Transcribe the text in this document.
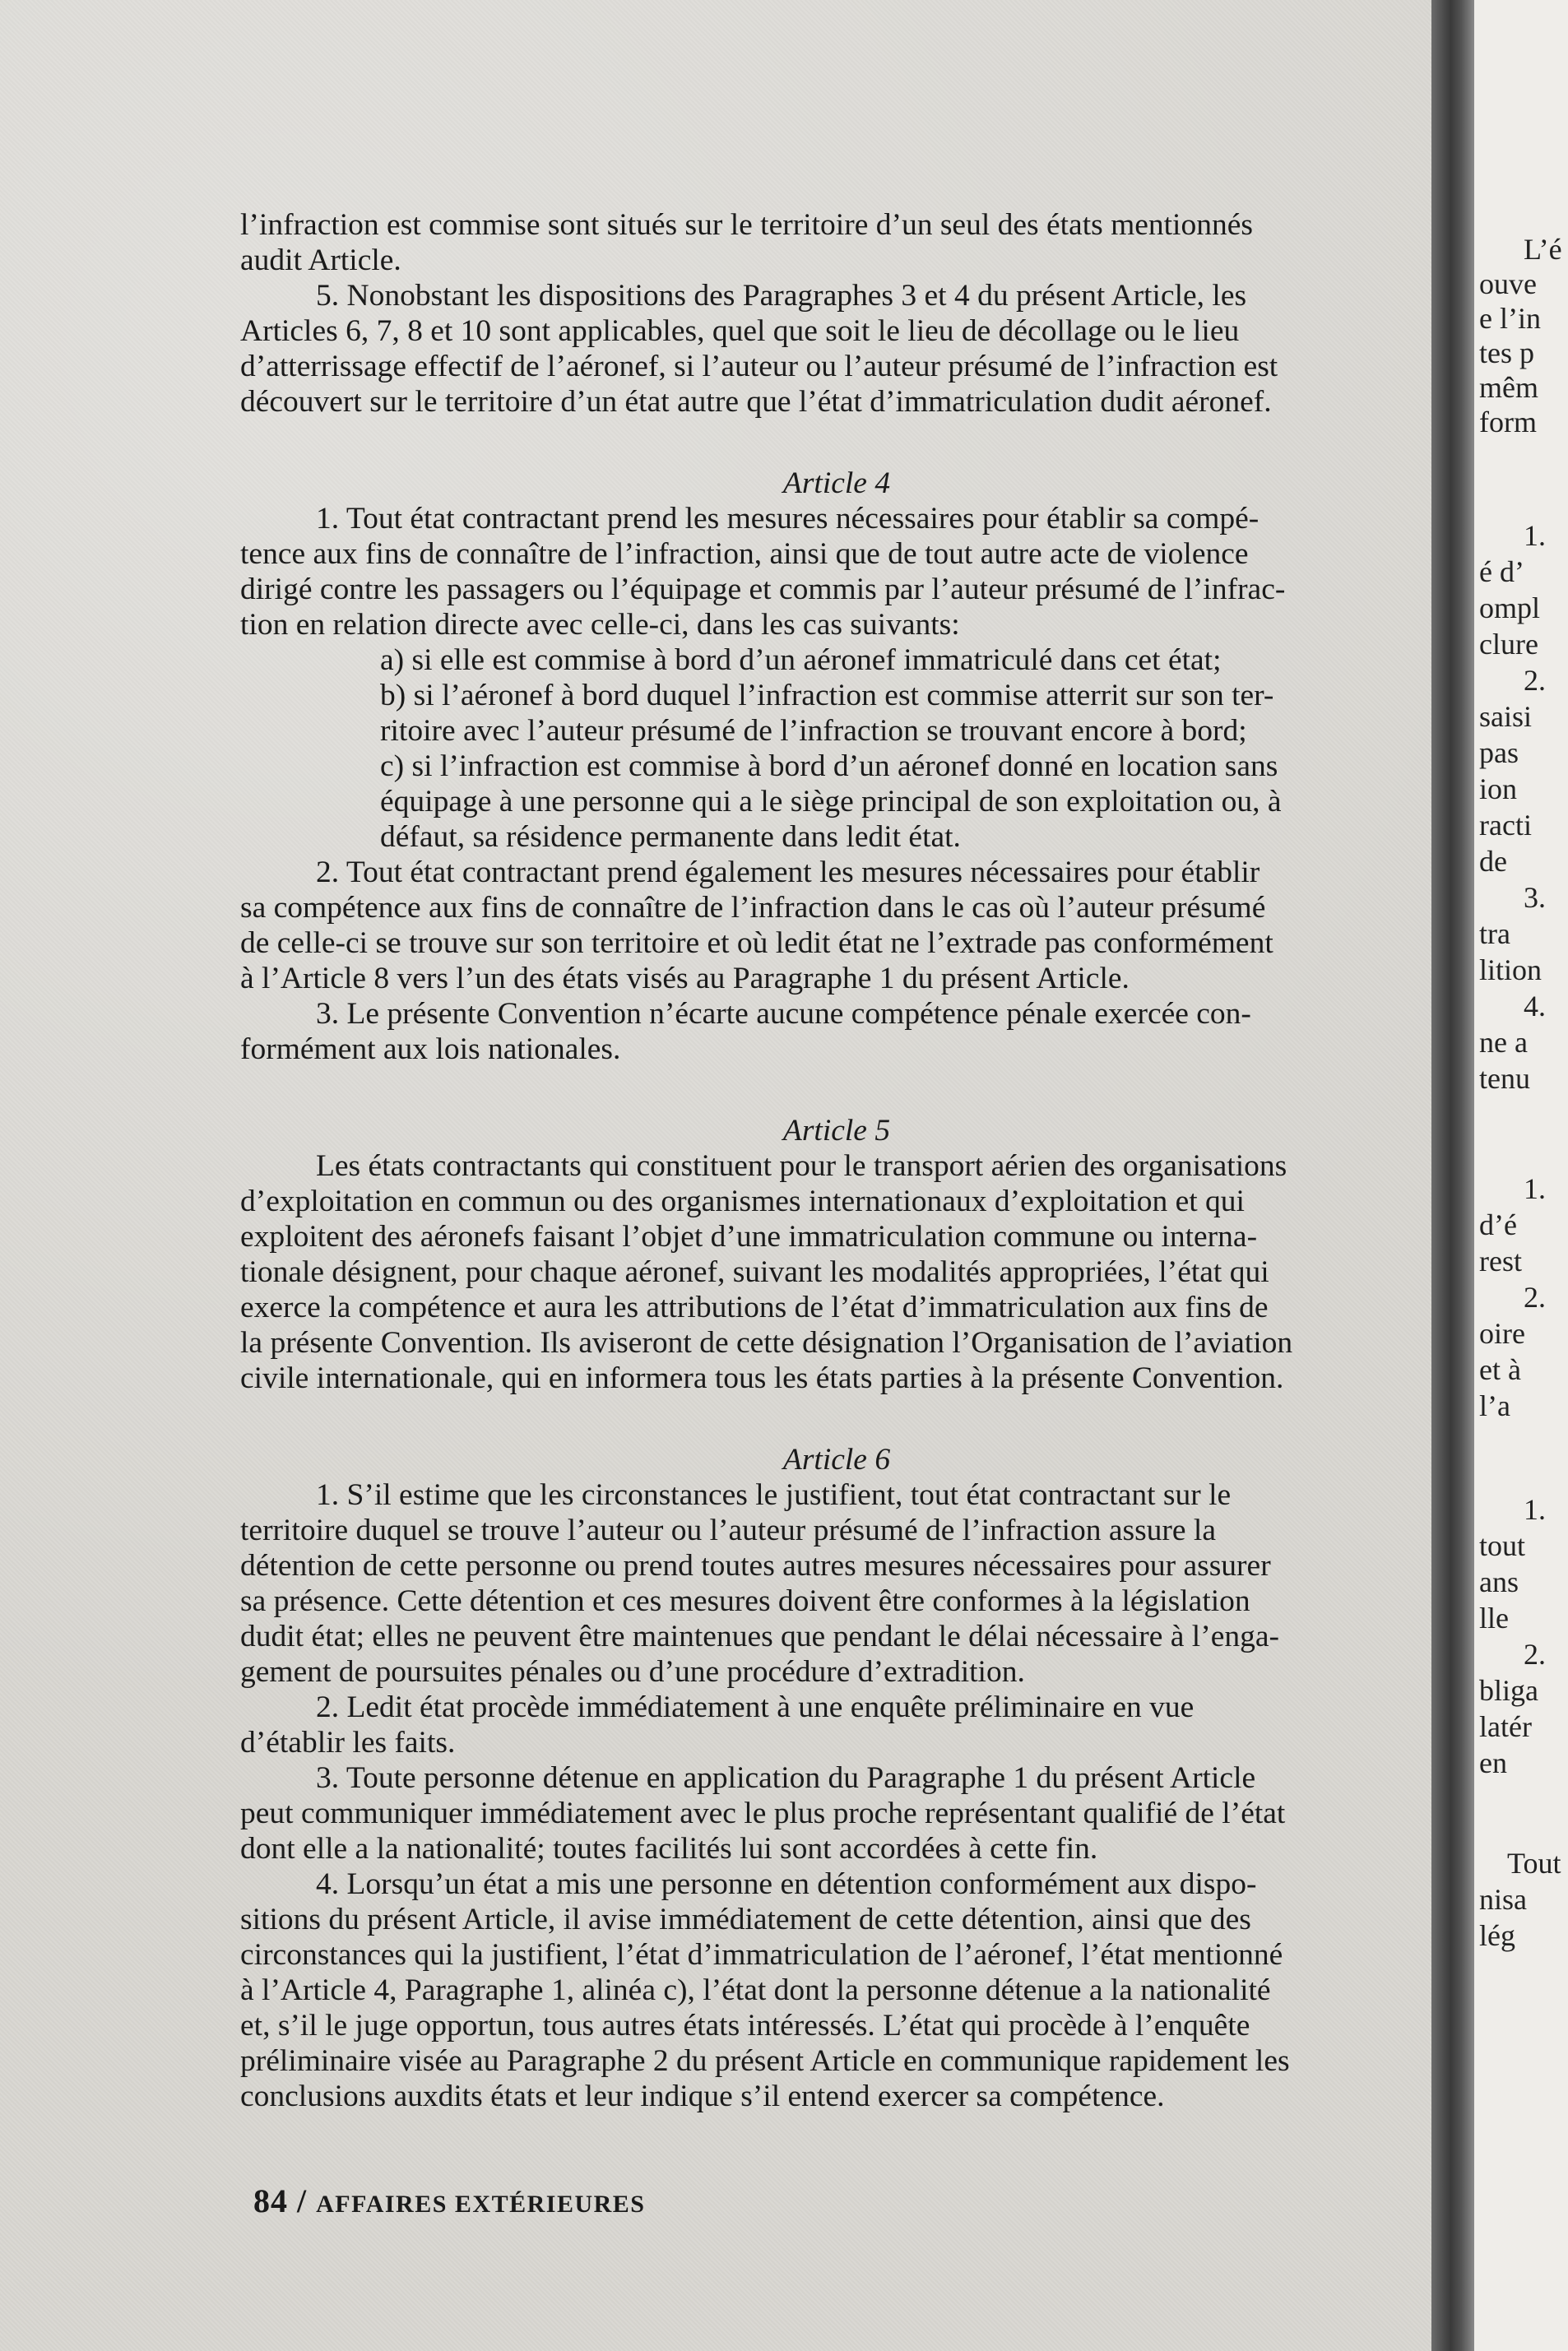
l’infraction est commise sont situés sur le territoire d’un seul des états mentionnés

audit Article.

5. Nonobstant les dispositions des Paragraphes 3 et 4 du présent Article, les

Articles 6, 7, 8 et 10 sont applicables, quel que soit le lieu de décollage ou le lieu

d’atterrissage effectif de l’aéronef, si l’auteur ou l’auteur présumé de l’infraction est

découvert sur le territoire d’un état autre que l’état d’immatriculation dudit aéronef.

Article 4

1. Tout état contractant prend les mesures nécessaires pour établir sa compé-

tence aux fins de connaître de l’infraction, ainsi que de tout autre acte de violence

dirigé contre les passagers ou l’équipage et commis par l’auteur présumé de l’infrac-

tion en relation directe avec celle-ci, dans les cas suivants:

a) si elle est commise à bord d’un aéronef immatriculé dans cet état;

b) si l’aéronef à bord duquel l’infraction est commise atterrit sur son ter-

ritoire avec l’auteur présumé de l’infraction se trouvant encore à bord;

c) si l’infraction est commise à bord d’un aéronef donné en location sans

équipage à une personne qui a le siège principal de son exploitation ou, à

défaut, sa résidence permanente dans ledit état.

2. Tout état contractant prend également les mesures nécessaires pour établir

sa compétence aux fins de connaître de l’infraction dans le cas où l’auteur présumé

de celle-ci se trouve sur son territoire et où ledit état ne l’extrade pas conformément

à l’Article 8 vers l’un des états visés au Paragraphe 1 du présent Article.

3. Le présente Convention n’écarte aucune compétence pénale exercée con-

formément aux lois nationales.

Article 5

Les états contractants qui constituent pour le transport aérien des organisations

d’exploitation en commun ou des organismes internationaux d’exploitation et qui

exploitent des aéronefs faisant l’objet d’une immatriculation commune ou interna-

tionale désignent, pour chaque aéronef, suivant les modalités appropriées, l’état qui

exerce la compétence et aura les attributions de l’état d’immatriculation aux fins de

la présente Convention. Ils aviseront de cette désignation l’Organisation de l’aviation

civile internationale, qui en informera tous les états parties à la présente Convention.

Article 6

1. S’il estime que les circonstances le justifient, tout état contractant sur le

territoire duquel se trouve l’auteur ou l’auteur présumé de l’infraction assure la

détention de cette personne ou prend toutes autres mesures nécessaires pour assurer

sa présence. Cette détention et ces mesures doivent être conformes à la législation

dudit état; elles ne peuvent être maintenues que pendant le délai nécessaire à l’enga-

gement de poursuites pénales ou d’une procédure d’extradition.

2. Ledit état procède immédiatement à une enquête préliminaire en vue

d’établir les faits.

3. Toute personne détenue en application du Paragraphe 1 du présent Article

peut communiquer immédiatement avec le plus proche représentant qualifié de l’état

dont elle a la nationalité; toutes facilités lui sont accordées à cette fin.

4. Lorsqu’un état a mis une personne en détention conformément aux dispo-

sitions du présent Article, il avise immédiatement de cette détention, ainsi que des

circonstances qui la justifient, l’état d’immatriculation de l’aéronef, l’état mentionné

à l’Article 4, Paragraphe 1, alinéa c), l’état dont la personne détenue a la nationalité

et, s’il le juge opportun, tous autres états intéressés. L’état qui procède à l’enquête

préliminaire visée au Paragraphe 2 du présent Article en communique rapidement les

conclusions auxdits états et leur indique s’il entend exercer sa compétence.

84 / AFFAIRES EXTÉRIEURES
L’é
ouve
e l’in
tes p
mêm
form
1.
é d’
ompl
clure
2.
saisi
pas
ion
racti
de
3.
tra
lition
4.
ne a
tenu
1.
d’é
rest
2.
oire
et à
l’a
1.
tout
ans
lle
2.
bliga
latér
en
Tout
nisa
lég
